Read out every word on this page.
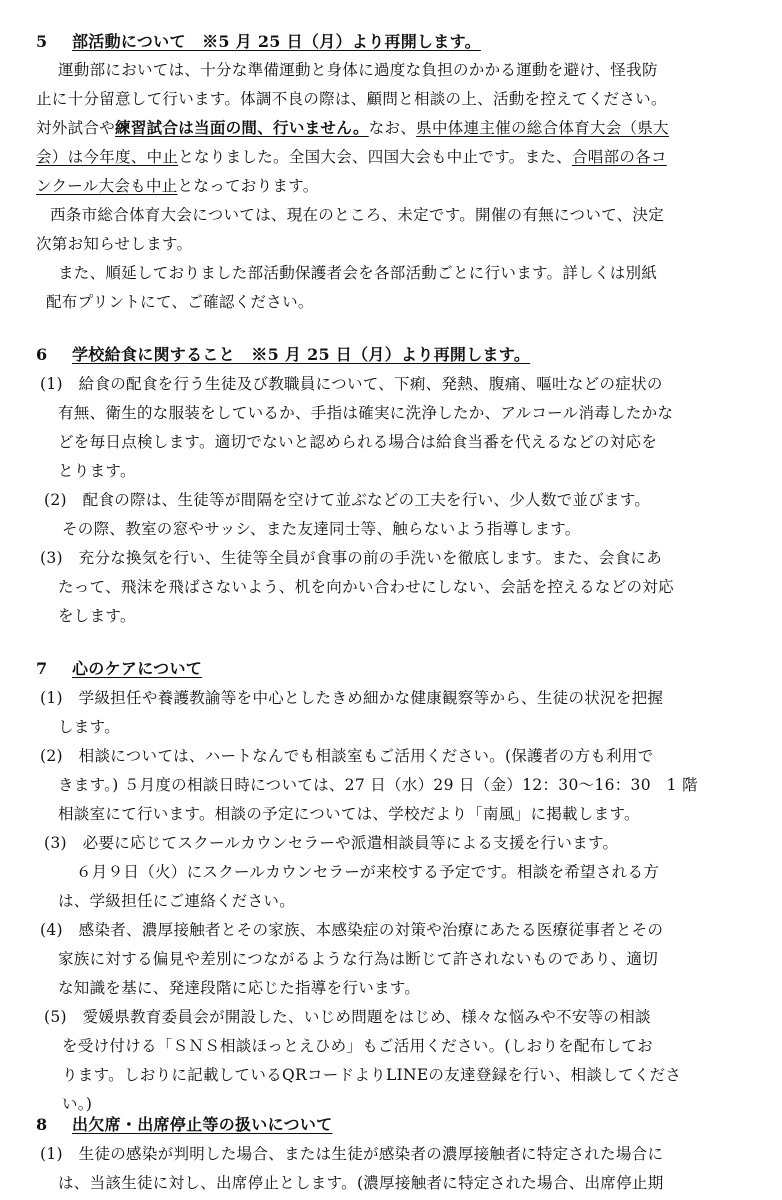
5 部活動について　※5 月 25 日（月）より再開します。
運動部においては、十分な準備運動と身体に過度な負担のかかる運動を避け、怪我防
止に十分留意して行います。体調不良の際は、顧問と相談の上、活動を控えてください。
対外試合や練習試合は当面の間、行いません。なお、県中体連主催の総合体育大会（県大
会）は今年度、中止となりました。全国大会、四国大会も中止です。また、合唱部の各コ
ンクール大会も中止となっております。
西条市総合体育大会については、現在のところ、未定です。開催の有無について、決定
次第お知らせします。
また、順延しておりました部活動保護者会を各部活動ごとに行います。詳しくは別紙
配布プリントにて、ご確認ください。
6 学校給食に関すること　※5 月 25 日（月）より再開します。
(1)　給食の配食を行う生徒及び教職員について、下痢、発熱、腹痛、嘔吐などの症状の
有無、衛生的な服装をしているか、手指は確実に洗浄したか、アルコール消毒したかな
どを毎日点検します。適切でないと認められる場合は給食当番を代えるなどの対応を
とります。
(2)　配食の際は、生徒等が間隔を空けて並ぶなどの工夫を行い、少人数で並びます。
その際、教室の窓やサッシ、また友達同士等、触らないよう指導します。
(3)　充分な換気を行い、生徒等全員が食事の前の手洗いを徹底します。また、会食にあ
たって、飛沫を飛ばさないよう、机を向かい合わせにしない、会話を控えるなどの対応
をします。
7 心のケアについて
(1)　学級担任や養護教諭等を中心としたきめ細かな健康観察等から、生徒の状況を把握
します。
(2)　相談については、ハートなんでも相談室もご活用ください。(保護者の方も利用で
きます。) ５月度の相談日時については、27 日（水）29 日（金）12：30～16：30　1 階
相談室にて行います。相談の予定については、学校だより「南風」に掲載します。
(3)　必要に応じてスクールカウンセラーや派遣相談員等による支援を行います。
６月９日（火）にスクールカウンセラーが来校する予定です。相談を希望される方
は、学級担任にご連絡ください。
(4)　感染者、濃厚接触者とその家族、本感染症の対策や治療にあたる医療従事者とその
家族に対する偏見や差別につながるような行為は断じて許されないものであり、適切
な知識を基に、発達段階に応じた指導を行います。
(5)　愛媛県教育委員会が開設した、いじめ問題をはじめ、様々な悩みや不安等の相談
を受け付ける「ＳＮＳ相談ほっとえひめ」もご活用ください。(しおりを配布してお
ります。しおりに記載しているQRコードよりLINEの友達登録を行い、相談してくださ
い。)
8 出欠席・出席停止等の扱いについて
(1)　生徒の感染が判明した場合、または生徒が感染者の濃厚接触者に特定された場合に
は、当該生徒に対し、出席停止とします。(濃厚接触者に特定された場合、出席停止期
